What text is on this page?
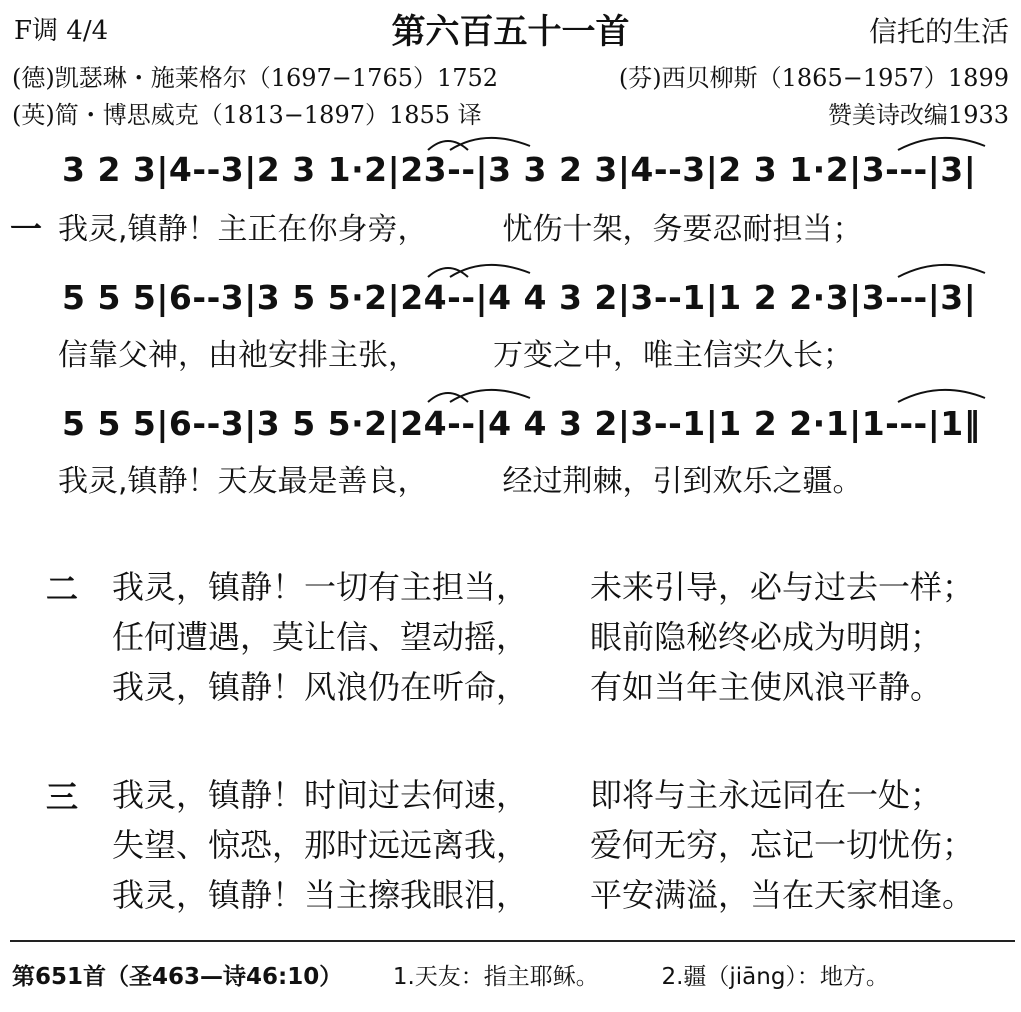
F调 4/4	第六百五十一首	信托的生活
(德)凯瑟琳・施莱格尔（1697−1765）1752
(英)简・博思威克（1813−1897）1855 译
(芬)西贝柳斯（1865−1957）1899
赞美诗改编1933
3 2 3|4--3|2 3 1·2|23--|3 3 2 3|4--3|2 3 1·2|3---|3|
一 我灵,镇静！主正在你身旁，　　　忧伤十架，务要忍耐担当；
5 5 5|6--3|3 5 5·2|24--|4 4 3 2|3--1|1 2 2·3|3---|3|
信靠父神，由祂安排主张，　　　万变之中，唯主信实久长；
5 5 5|6--3|3 5 5·2|24--|4 4 3 2|3--1|1 2 2·1|1---|1‖
我灵,镇静！天友最是善良，　　　经过荆棘，引到欢乐之疆。
二 我灵，镇静！一切有主担当， 未来引导，必与过去一样；
任何遭遇，莫让信、望动摇， 眼前隐秘终必成为明朗；
我灵，镇静！风浪仍在听命， 有如当年主使风浪平静。
三 我灵，镇静！时间过去何速， 即将与主永远同在一处；
失望、惊恐，那时远远离我， 爱何无穷，忘记一切忧伤；
我灵，镇静！当主擦我眼泪， 平安满溢，当在天家相逢。
第651首（圣463—诗46:10） 1.天友：指主耶稣。	2.疆（jiāng）：地方。
